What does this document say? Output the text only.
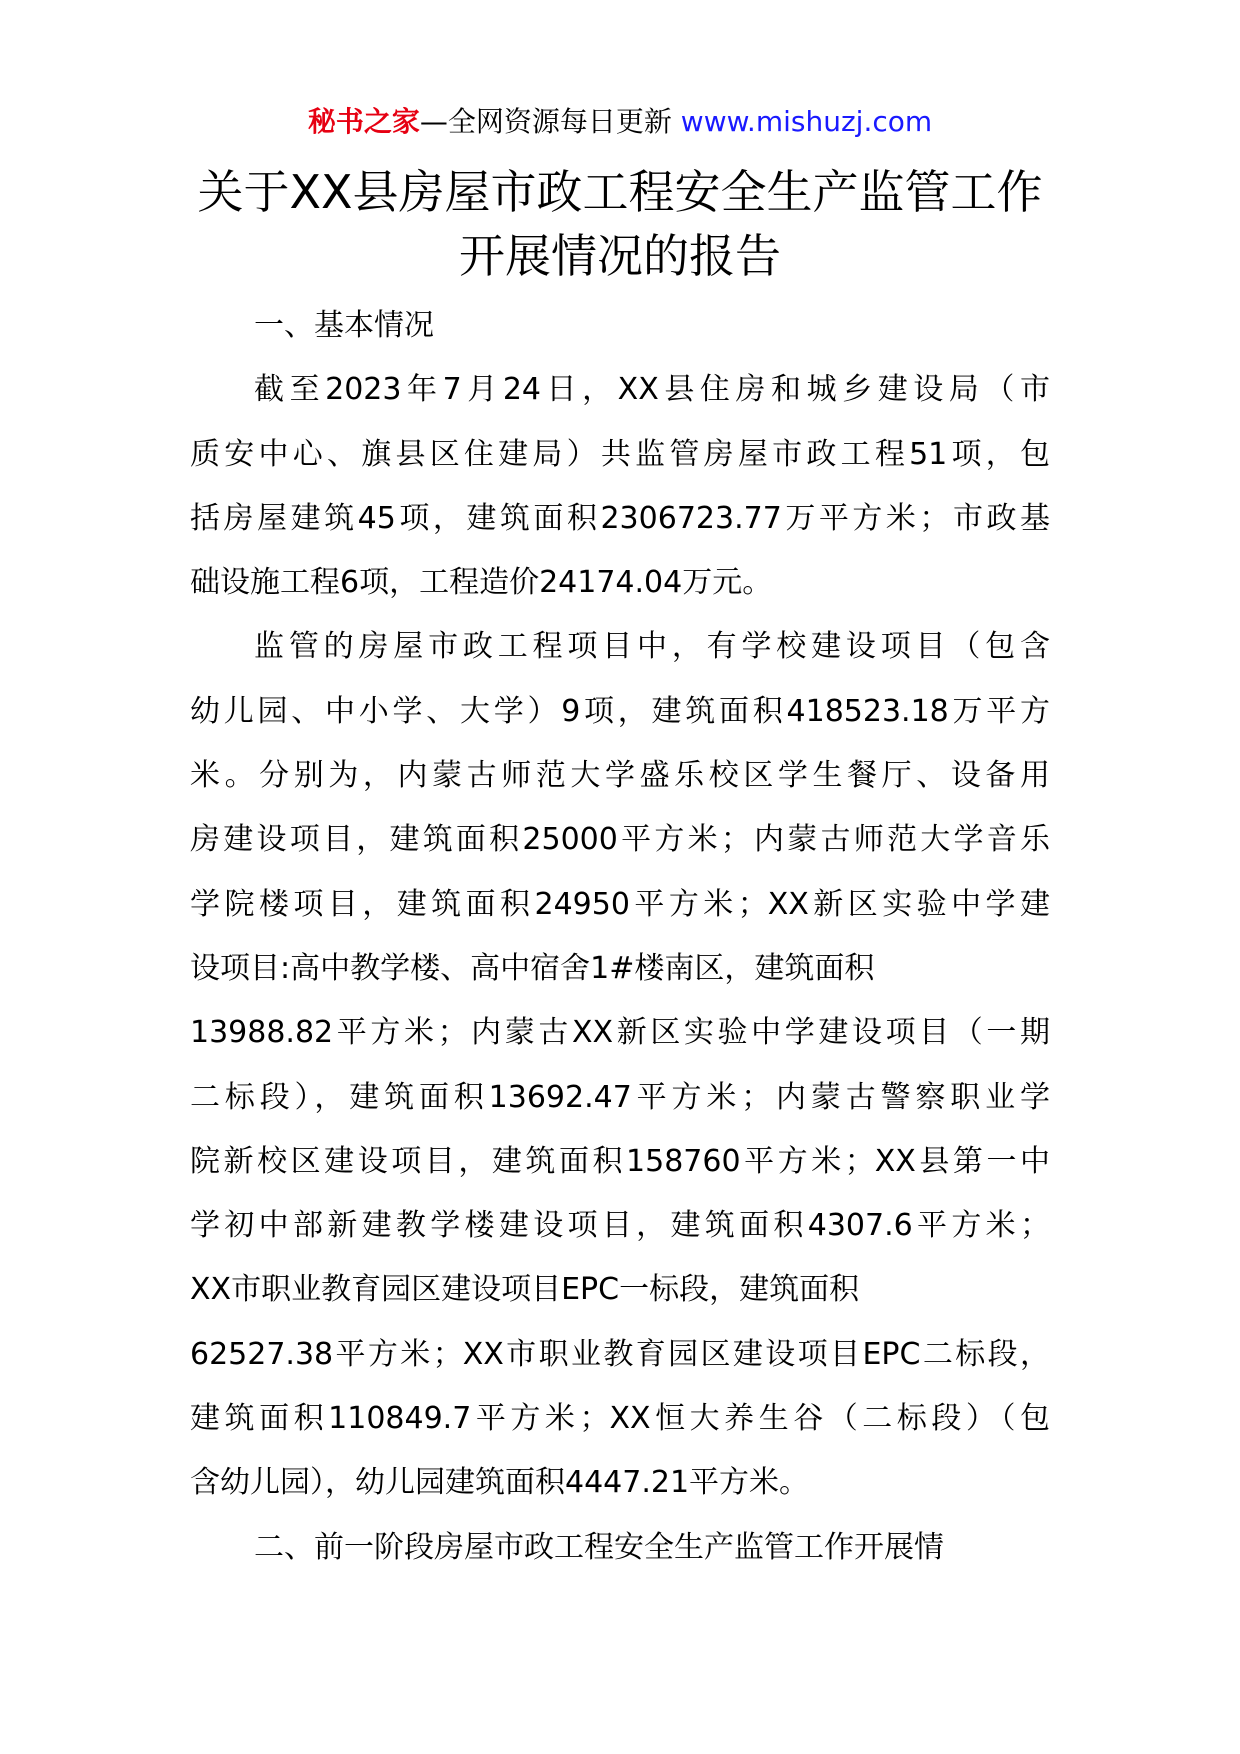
秘书之家—全网资源每日更新 www.mishuzj.com
关于XX县房屋市政工程安全生产监管工作
开展情况的报告

一、基本情况

截至2023年7月24日，XX县住房和城乡建设局（市
质安中心、旗县区住建局）共监管房屋市政工程51项，包
括房屋建筑45项，建筑面积2306723.77万平方米；市政基
础设施工程6项，工程造价24174.04万元。

监管的房屋市政工程项目中，有学校建设项目（包含
幼儿园、中小学、大学）9项，建筑面积418523.18万平方
米。分别为，内蒙古师范大学盛乐校区学生餐厅、设备用
房建设项目，建筑面积25000平方米；内蒙古师范大学音乐
学院楼项目，建筑面积24950平方米；XX新区实验中学建
设项目:高中教学楼、高中宿舍1#楼南区，建筑面积
13988.82平方米；内蒙古XX新区实验中学建设项目（一期
二标段），建筑面积13692.47平方米；内蒙古警察职业学
院新校区建设项目，建筑面积158760平方米；XX县第一中
学初中部新建教学楼建设项目，建筑面积4307.6平方米；
XX市职业教育园区建设项目EPC一标段，建筑面积
62527.38平方米；XX市职业教育园区建设项目EPC二标段，
建筑面积110849.7平方米；XX恒大养生谷（二标段）（包
含幼儿园），幼儿园建筑面积4447.21平方米。

二、前一阶段房屋市政工程安全生产监管工作开展情
